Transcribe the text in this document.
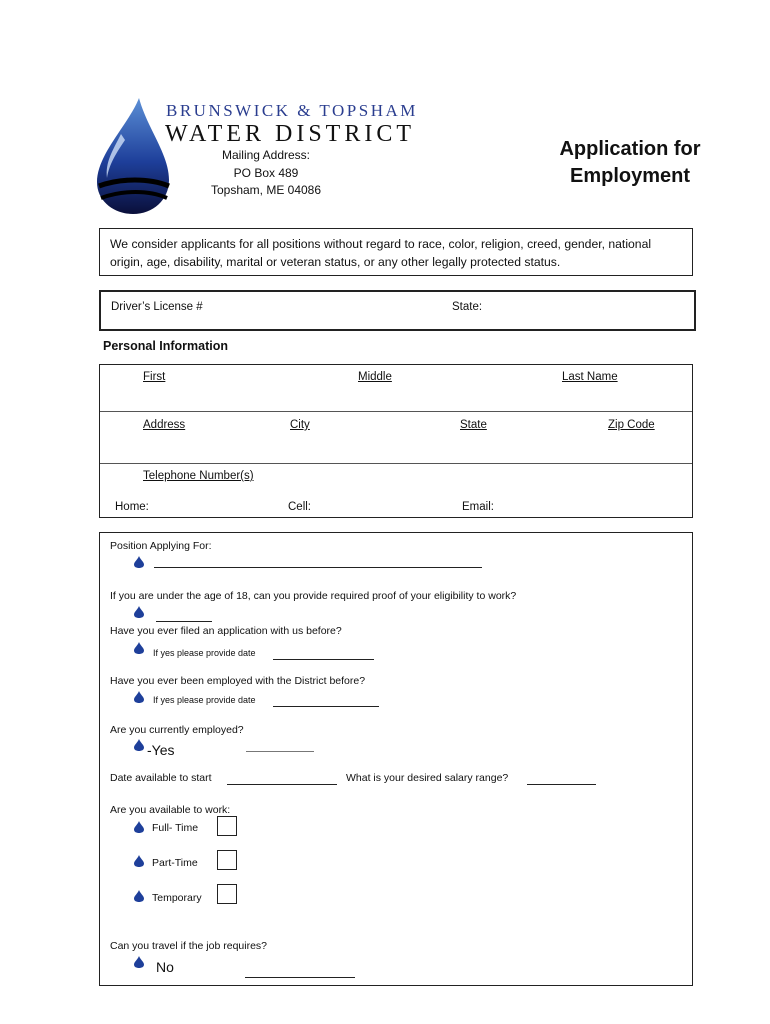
BRUNSWICK & TOPSHAM
WATER DISTRICT
Mailing Address:
PO Box 489
Topsham, ME 04086
Application for
Employment
We consider applicants for all positions without regard to race, color, religion, creed, gender, national origin, age, disability, marital or veteran status, or any other legally protected status.
Driver’s License #	State:
Personal Information
First	Middle	Last Name
Address	City	State	Zip Code
Telephone Number(s)
Home:	Cell:	Email:
Position Applying For:
If you are under the age of 18, can you provide required proof of your eligibility to work?
Have you ever filed an application with us before?
If yes please provide date
Have you ever been employed with the District before?
If yes please provide date
Are you currently employed?
-Yes
Date available to start	What is your desired salary range?
Are you available to work:
Full- Time
Part-Time
Temporary
Can you travel if the job requires?
No
